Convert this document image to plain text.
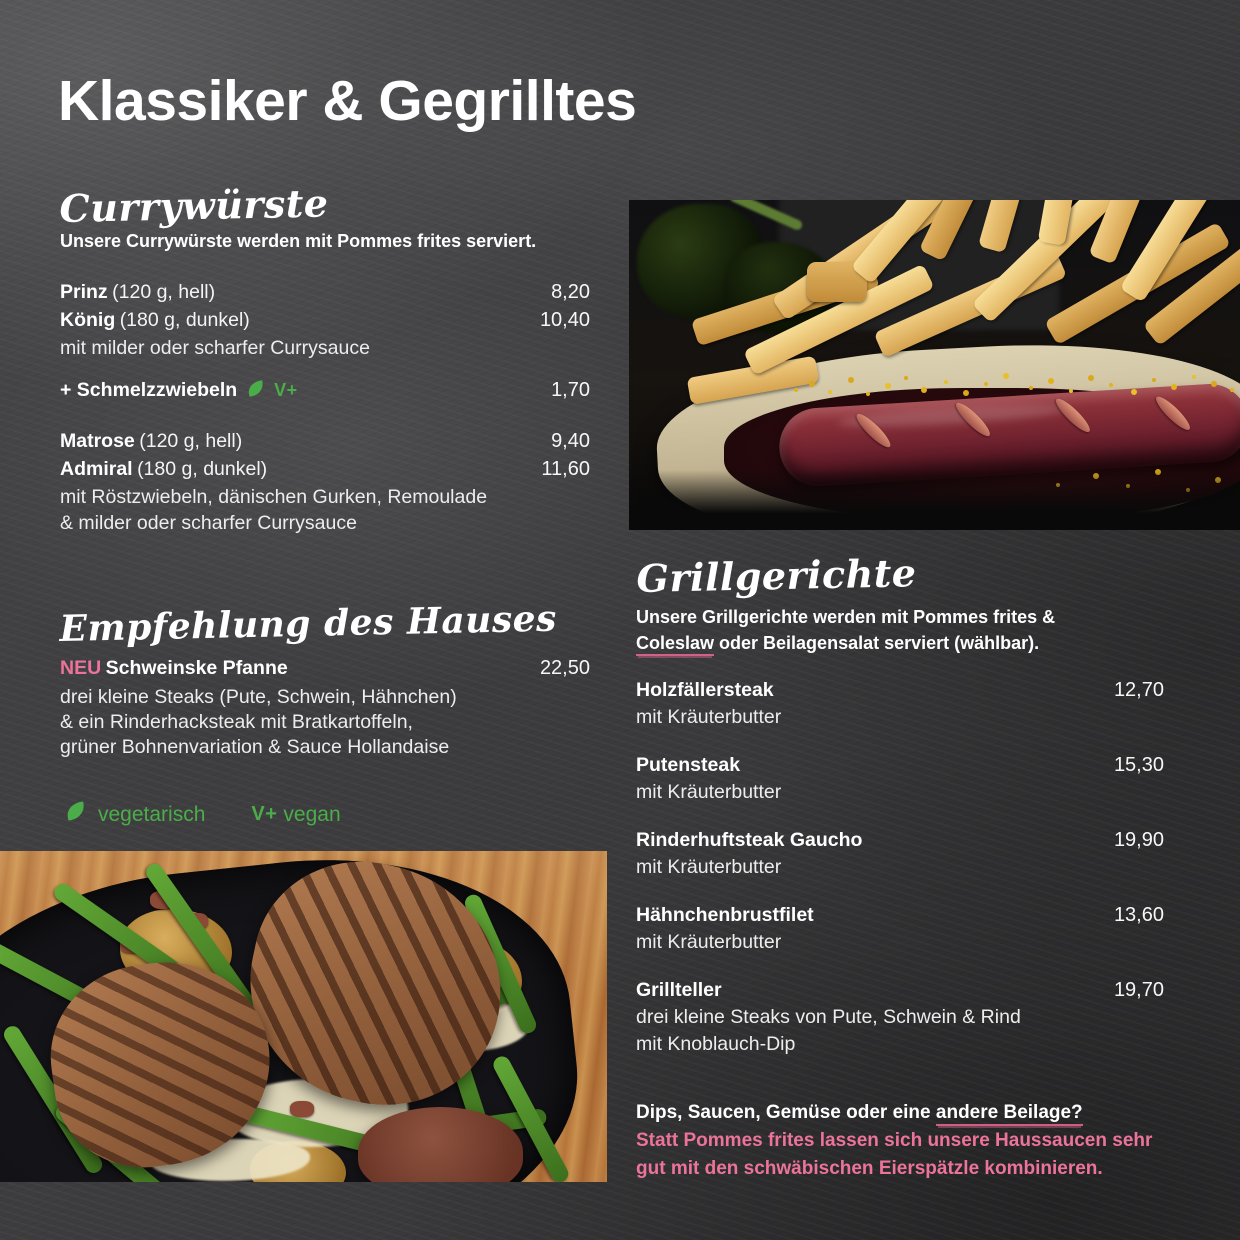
Klassiker & Gegrilltes
Currywürste
Unsere Currywürste werden mit Pommes frites serviert.
Prinz (120 g, hell)	8,20
König (180 g, dunkel)	10,40
mit milder oder scharfer Currysauce
+ Schmelzzwiebeln V+	1,70
Matrose (120 g, hell)	9,40
Admiral (180 g, dunkel)	11,60
mit Röstzwiebeln, dänischen Gurken, Remoulade
& milder oder scharfer Currysauce
Empfehlung des Hauses
NEU Schweinske Pfanne	22,50
drei kleine Steaks (Pute, Schwein, Hähnchen)
& ein Rinderhacksteak mit Bratkartoffeln,
grüner Bohnenvariation & Sauce Hollandaise
vegetarisch V+ vegan
Grillgerichte
Unsere Grillgerichte werden mit Pommes frites &
Coleslaw oder Beilagensalat serviert (wählbar).
Holzfällersteak	12,70
mit Kräuterbutter
Putensteak	15,30
mit Kräuterbutter
Rinderhuftsteak Gaucho	19,90
mit Kräuterbutter
Hähnchenbrustfilet	13,60
mit Kräuterbutter
Grillteller	19,70
drei kleine Steaks von Pute, Schwein & Rind
mit Knoblauch-Dip
Dips, Saucen, Gemüse oder eine andere Beilage?
Statt Pommes frites lassen sich unsere Haussaucen sehr
gut mit den schwäbischen Eierspätzle kombinieren.
